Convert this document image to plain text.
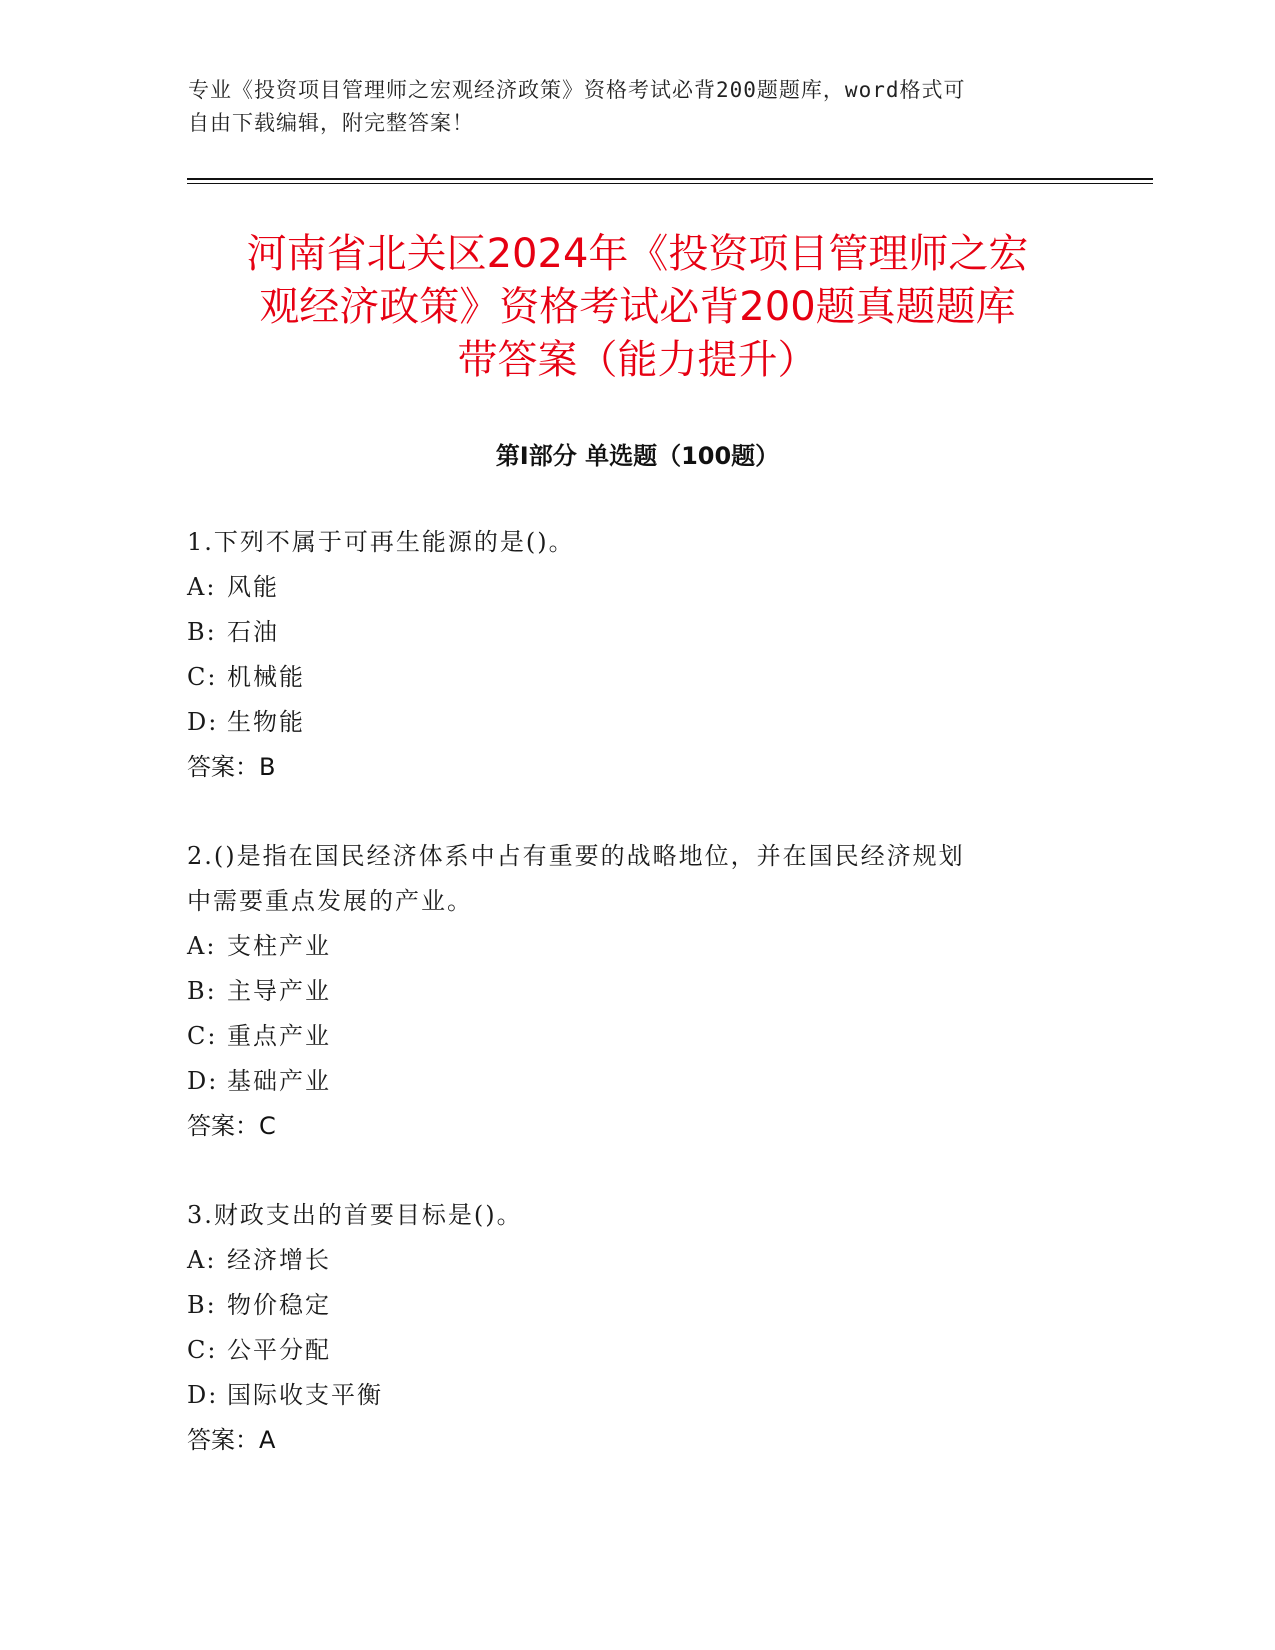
专业《投资项目管理师之宏观经济政策》资格考试必背200题题库，word格式可
自由下载编辑，附完整答案！
河南省北关区2024年《投资项目管理师之宏
观经济政策》资格考试必背200题真题题库
带答案（能力提升）
第Ⅰ部分 单选题（100题）
1.下列不属于可再生能源的是()。
A: 风能
B: 石油
C: 机械能
D: 生物能
答案：B
2.()是指在国民经济体系中占有重要的战略地位，并在国民经济规划
中需要重点发展的产业。
A: 支柱产业
B: 主导产业
C: 重点产业
D: 基础产业
答案：C
3.财政支出的首要目标是()。
A: 经济增长
B: 物价稳定
C: 公平分配
D: 国际收支平衡
答案：A
